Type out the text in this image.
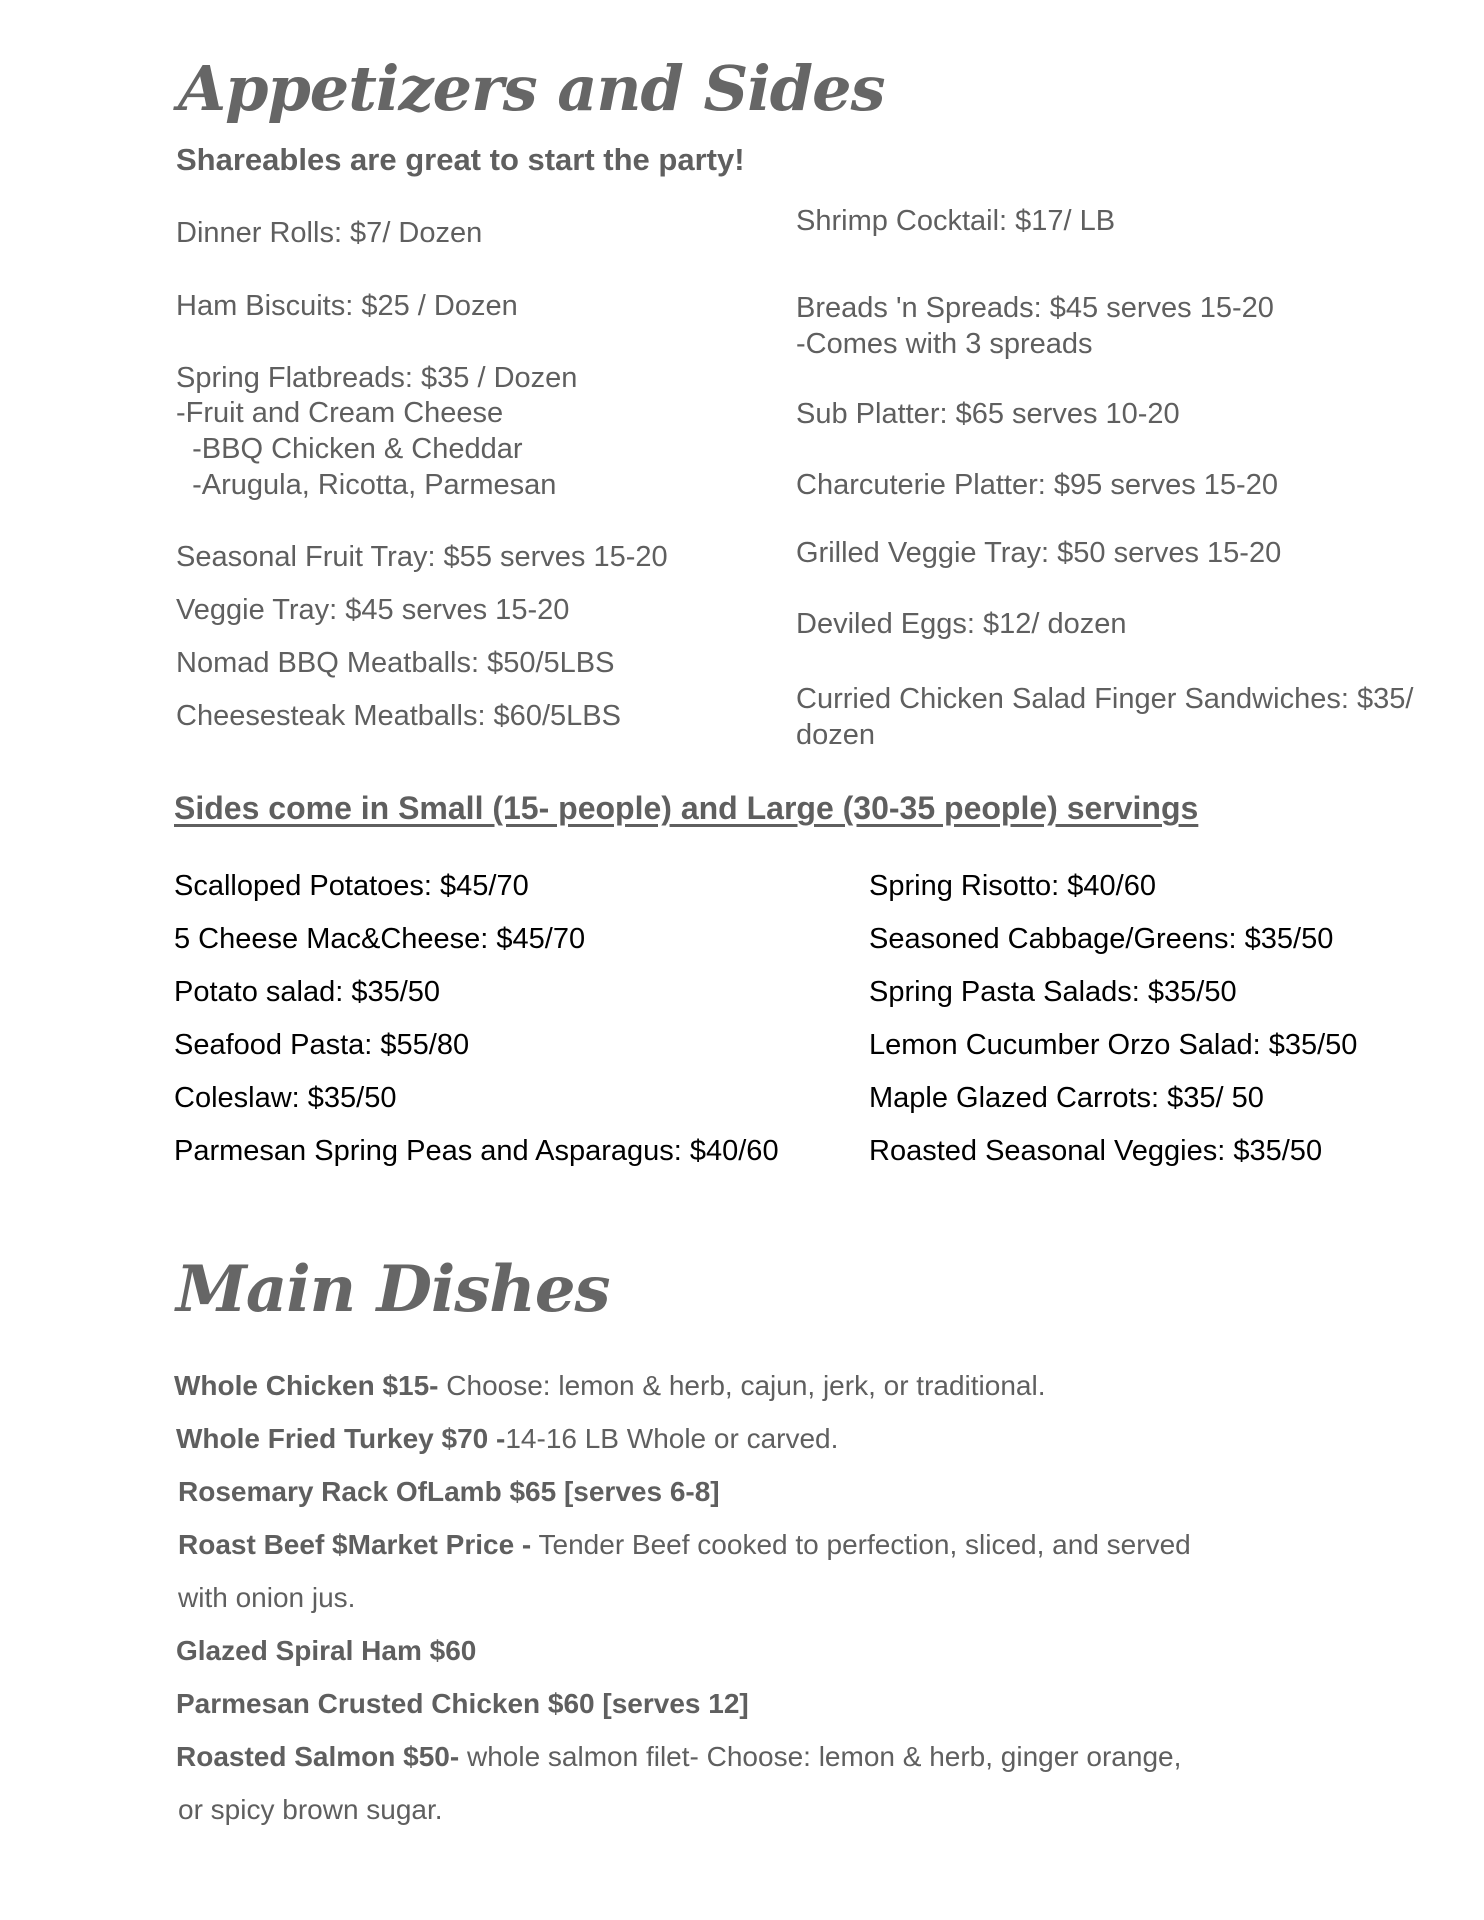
Appetizers and Sides
Shareables are great to start the party!
Dinner Rolls: $7/ Dozen
Ham Biscuits: $25 / Dozen
Spring Flatbreads: $35 / Dozen
-Fruit and Cream Cheese
-BBQ Chicken & Cheddar
-Arugula, Ricotta, Parmesan
Seasonal Fruit Tray: $55 serves 15-20
Veggie Tray: $45 serves 15-20
Nomad BBQ Meatballs: $50/5LBS
Cheesesteak Meatballs: $60/5LBS
Shrimp Cocktail: $17/ LB
Breads 'n Spreads: $45 serves 15-20
-Comes with 3 spreads
Sub Platter: $65 serves 10-20
Charcuterie Platter: $95 serves 15-20
Grilled Veggie Tray: $50 serves 15-20
Deviled Eggs: $12/ dozen
Curried Chicken Salad Finger Sandwiches: $35/
dozen
Sides come in Small (15- people) and Large (30-35 people) servings
Scalloped Potatoes: $45/70
5 Cheese Mac&Cheese: $45/70
Potato salad: $35/50
Seafood Pasta: $55/80
Coleslaw: $35/50
Parmesan Spring Peas and Asparagus: $40/60
Spring Risotto: $40/60
Seasoned Cabbage/Greens: $35/50
Spring Pasta Salads: $35/50
Lemon Cucumber Orzo Salad: $35/50
Maple Glazed Carrots: $35/ 50
Roasted Seasonal Veggies: $35/50
Main Dishes
Whole Chicken $15- Choose: lemon & herb, cajun, jerk, or traditional.
Whole Fried Turkey $70 -14-16 LB Whole or carved.
Rosemary Rack OfLamb $65 [serves 6-8]
Roast Beef $Market Price - Tender Beef cooked to perfection, sliced, and served
with onion jus.
Glazed Spiral Ham $60
Parmesan Crusted Chicken $60 [serves 12]
Roasted Salmon $50- whole salmon filet- Choose: lemon & herb, ginger orange,
or spicy brown sugar.
